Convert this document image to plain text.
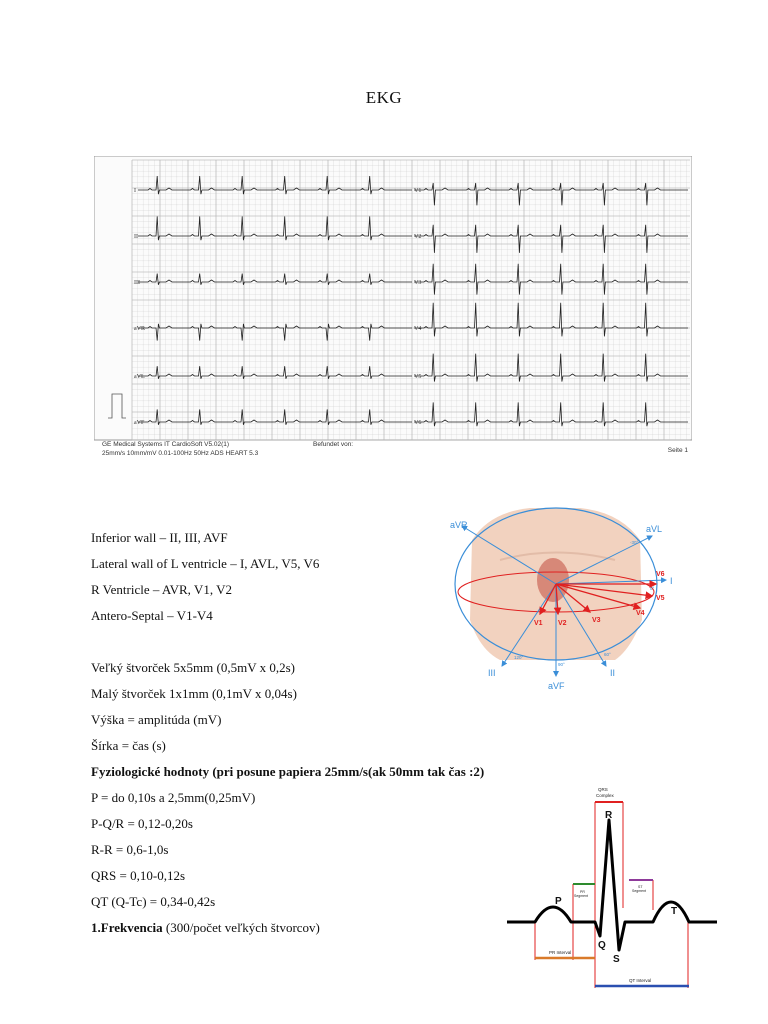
EKG
I
II
III
aVR
aVL
aVF
V1
V2
V3
V4
V5
V6
GE Medical Systems IT CardioSoft V5.02(1)
25mm/s 10mm/mV 0.01-100Hz 50Hz ADS HEART 5.3
Befundet von:
Seite 1
Inferior wall – II, III, AVF
Lateral wall of L ventricle – I, AVL, V5, V6
R Ventricle – AVR, V1, V2
Antero-Septal – V1-V4
Veľký štvorček 5x5mm (0,5mV x 0,2s)
Malý štvorček 1x1mm (0,1mV x 0,04s)
Výška = amplitúda (mV)
Šírka = čas (s)
Fyziologické hodnoty (pri posune papiera 25mm/s(ak 50mm tak čas :2)
P = do 0,10s a 2,5mm(0,25mV)
P-Q/R = 0,12-0,20s
R-R = 0,6-1,0s
QRS = 0,10-0,12s
QT (Q-Tc) = 0,34-0,42s
1.Frekvencia (300/počet veľkých štvorcov)
aVR	aVL
I
V6
V5
V4
V1 V2	V3
III
aVF
II
-30°
0°
120°
90°
60°
QRS
Complex
R
P
Q
S
T
PR
Segment
ST
Segment
PR Interval
QT Interval
